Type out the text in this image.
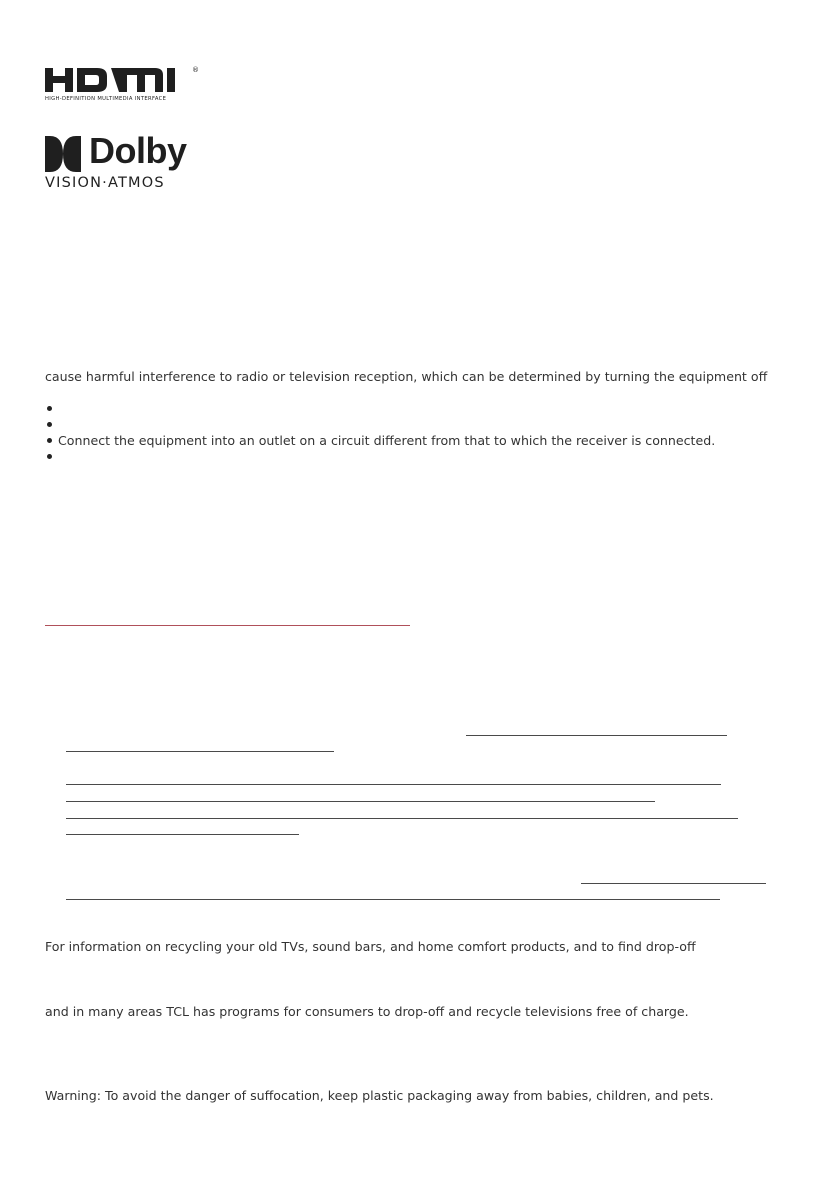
®
HIGH-DEFINITION MULTIMEDIA INTERFACE
Dolby
VISION·ATMOS
cause harmful interference to radio or television reception, which can be determined by turning the equipment off
Connect the equipment into an outlet on a circuit different from that to which the receiver is connected.
For information on recycling your old TVs, sound bars, and home comfort products, and to find drop-off
and in many areas TCL has programs for consumers to drop-off and recycle televisions free of charge.
Warning: To avoid the danger of suffocation, keep plastic packaging away from babies, children, and pets.
